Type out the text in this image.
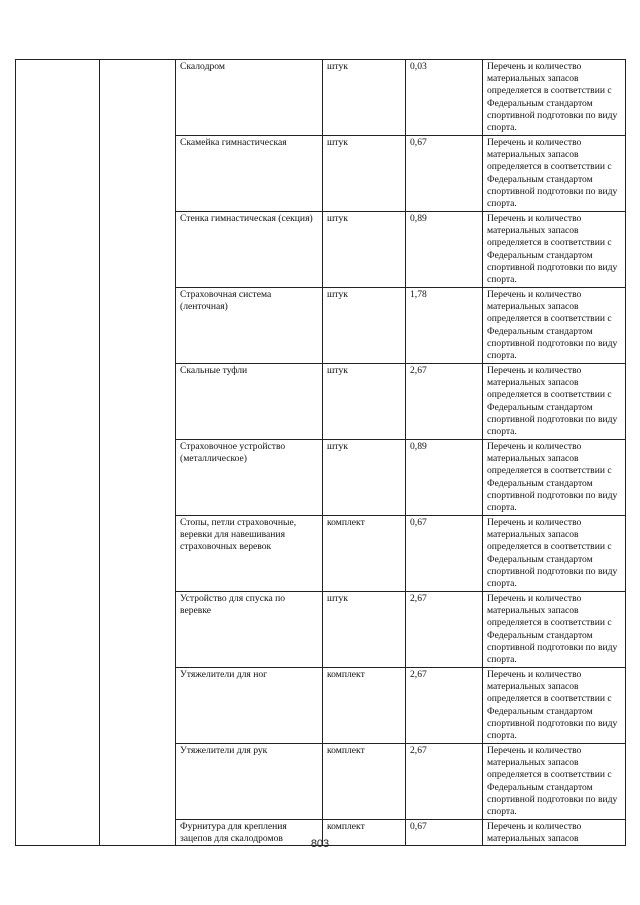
		Скалодром	штук	0,03	Перечень и количество материальных запасов определяется в соответствии с Федеральным стандартом спортивной подготовки по виду спорта.
		Скамейка гимнастическая	штук	0,67	Перечень и количество материальных запасов определяется в соответствии с Федеральным стандартом спортивной подготовки по виду спорта.
		Стенка гимнастическая (секция)	штук	0,89	Перечень и количество материальных запасов определяется в соответствии с Федеральным стандартом спортивной подготовки по виду спорта.
		Страховочная система (ленточная)	штук	1,78	Перечень и количество материальных запасов определяется в соответствии с Федеральным стандартом спортивной подготовки по виду спорта.
		Скальные туфли	штук	2,67	Перечень и количество материальных запасов определяется в соответствии с Федеральным стандартом спортивной подготовки по виду спорта.
		Страховочное устройство (металлическое)	штук	0,89	Перечень и количество материальных запасов определяется в соответствии с Федеральным стандартом спортивной подготовки по виду спорта.
		Стопы, петли страховочные, веревки для навешивания страховочных веревок	комплект	0,67	Перечень и количество материальных запасов определяется в соответствии с Федеральным стандартом спортивной подготовки по виду спорта.
		Устройство для спуска по веревке	штук	2,67	Перечень и количество материальных запасов определяется в соответствии с Федеральным стандартом спортивной подготовки по виду спорта.
		Утяжелители для ног	комплект	2,67	Перечень и количество материальных запасов определяется в соответствии с Федеральным стандартом спортивной подготовки по виду спорта.
		Утяжелители для рук	комплект	2,67	Перечень и количество материальных запасов определяется в соответствии с Федеральным стандартом спортивной подготовки по виду спорта.
		Фурнитура для крепления зацепов для скалодромов	комплект	0,67	Перечень и количество материальных запасов
803
